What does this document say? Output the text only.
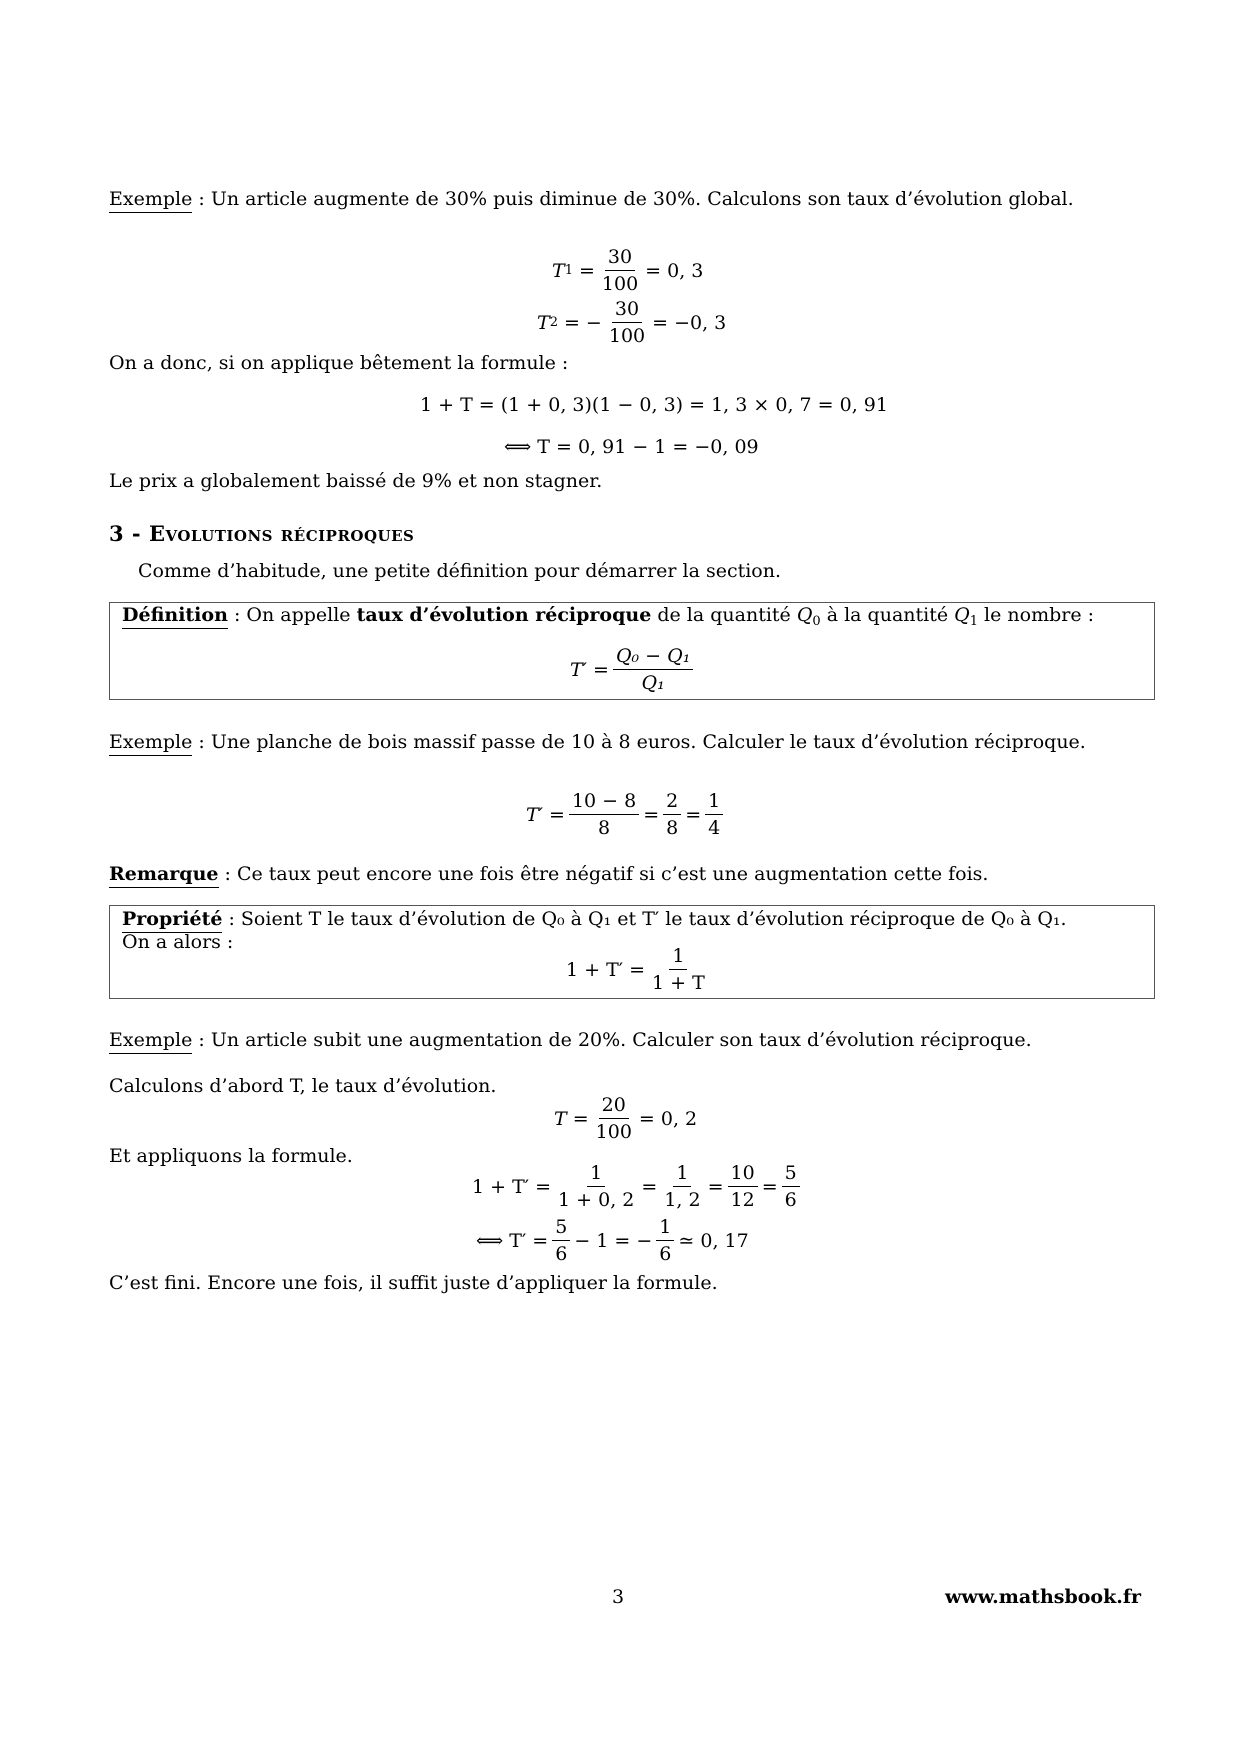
Exemple : Un article augmente de 30% puis diminue de 30%. Calculons son taux d’évolution global.
T $1 = \frac{30}{100} = 0$, 3
T 2 = − $\frac{30}{100} = -0$, 3
On a donc, si on applique bêtement la formule :
1 + T = (1 + 0, 3)(1 − 0, 3) = 1, 3 × 0, 7 = 0, 91
⟺ T = 0, 91 − 1 = −0, 09
Le prix a globalement baissé de 9% et non stagner.
3 - Evolutions réciproques
Comme d’habitude, une petite définition pour démarrer la section.
Définition : On appelle taux d’évolution réciproque de la quantité $Q_0$ à la quantité $Q_1$ le nombre :
$T' = \frac{\text{Q₀ − Q₁}}{\text{Q₁}}$
Exemple : Une planche de bois massif passe de 10 à 8 euros. Calculer le taux d’évolution réciproque.
$T' = \frac{10 - 8}{8} = \frac{2}{8} = \frac{1}{4}$
Remarque : Ce taux peut encore une fois être négatif si c’est une augmentation cette fois.
Propriété : Soient T le taux d’évolution de Q₀ à Q₁ et T′ le taux d’évolution réciproque de Q₀ à Q₁.
On a alors :
$1 + T' = \frac{1}{1 + T}$
Exemple : Un article subit une augmentation de 20%. Calculer son taux d’évolution réciproque.
Calculons d’abord T, le taux d’évolution.
$T = \frac{20}{100} = 0$, 2
Et appliquons la formule.
$1 + T' = \frac{1}{1 + 0, 2} = \frac{1}{1, 2} = \frac{10}{12} = \frac{5}{6}$
⟺ $T' = \frac{5}{6} - 1$ = − $\frac{1}{6}$ ≃ 0, 17
C’est fini. Encore une fois, il suffit juste d’appliquer la formule.
3	www.mathsbook.fr
